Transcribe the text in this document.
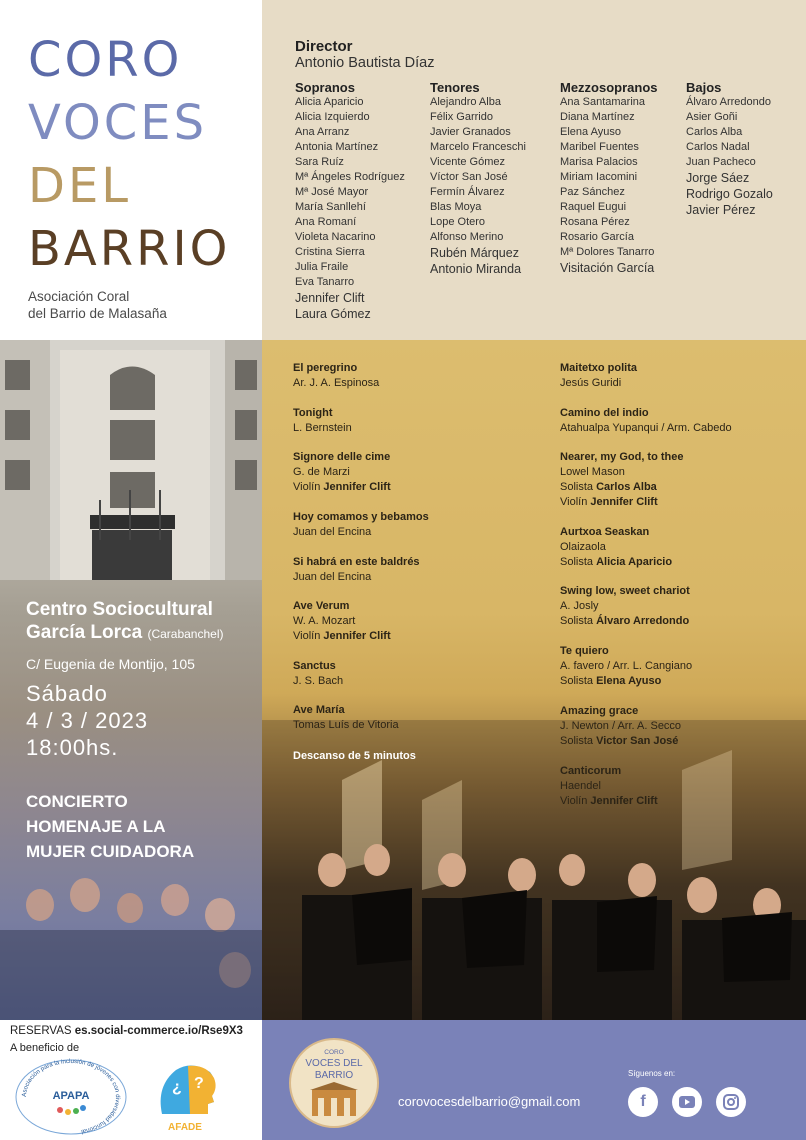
CORO
VOCES
DEL
BARRIO
Asociación Coral
del Barrio de Malasaña
Director
Antonio Bautista Díaz
Sopranos
Alicia Aparicio
Alicia Izquierdo
Ana Arranz
Antonia Martínez
Sara Ruíz
Mª Ángeles Rodríguez
Mª José Mayor
María Sanllehí
Ana Romaní
Violeta Nacarino
Cristina Sierra
Julia Fraile
Eva Tanarro
Jennifer Clift
Laura Gómez
Tenores
Alejandro Alba
Félix Garrido
Javier Granados
Marcelo Franceschi
Vicente Gómez
Víctor San José
Fermín Álvarez
Blas Moya
Lope Otero
Alfonso Merino
Rubén Márquez
Antonio Miranda
Mezzosopranos
Ana Santamarina
Diana Martínez
Elena Ayuso
Maribel Fuentes
Marisa Palacios
Miriam Iacomini
Paz Sánchez
Raquel Eugui
Rosana Pérez
Rosario García
Mª Dolores Tanarro
Visitación García
Bajos
Álvaro Arredondo
Asier Goñi
Carlos Alba
Carlos Nadal
Juan Pacheco
Jorge Sáez
Rodrigo Gozalo
Javier Pérez
Centro Sociocultural
García Lorca (Carabanchel)
C/ Eugenia de Montijo, 105
Sábado
4 / 3 / 2023
18:00hs.
CONCIERTO
HOMENAJE A LA
MUJER CUIDADORA
El peregrino
Ar. J. A. Espinosa
Tonight
L. Bernstein
Signore delle cime
G. de Marzi
Violín Jennifer Clift
Hoy comamos y bebamos
Juan del Encina
Si habrá en este baldrés
Juan del Encina
Ave Verum
W. A. Mozart
Violín Jennifer Clift
Sanctus
J. S. Bach
Ave María
Tomas Luís de Vitoria
Descanso de 5 minutos
Maitetxo polita
Jesús Guridi
Camino del indio
Atahualpa Yupanqui / Arm. Cabedo
Nearer, my God, to thee
Lowel Mason
Solista Carlos Alba
Violín Jennifer Clift
Aurtxoa Seaskan
Olaizaola
Solista Alicia Aparicio
Swing low, sweet chariot
A. Josly
Solista Álvaro Arredondo
Te quiero
A. favero / Arr. L. Cangiano
Solista Elena Ayuso
Amazing grace
J. Newton / Arr. A. Secco
Solista Victor San José
Canticorum
Haendel
Violín Jennifer Clift
RESERVAS es.social-commerce.io/Rse9X3
A beneficio de
Asociación para la inclusión de jóvenes con diversidad funcional
APAPA	¿ ?
AFADE
CORO
VOCES DEL
BARRIO
corovocesdelbarrio@gmail.com
Síguenos en:
f
